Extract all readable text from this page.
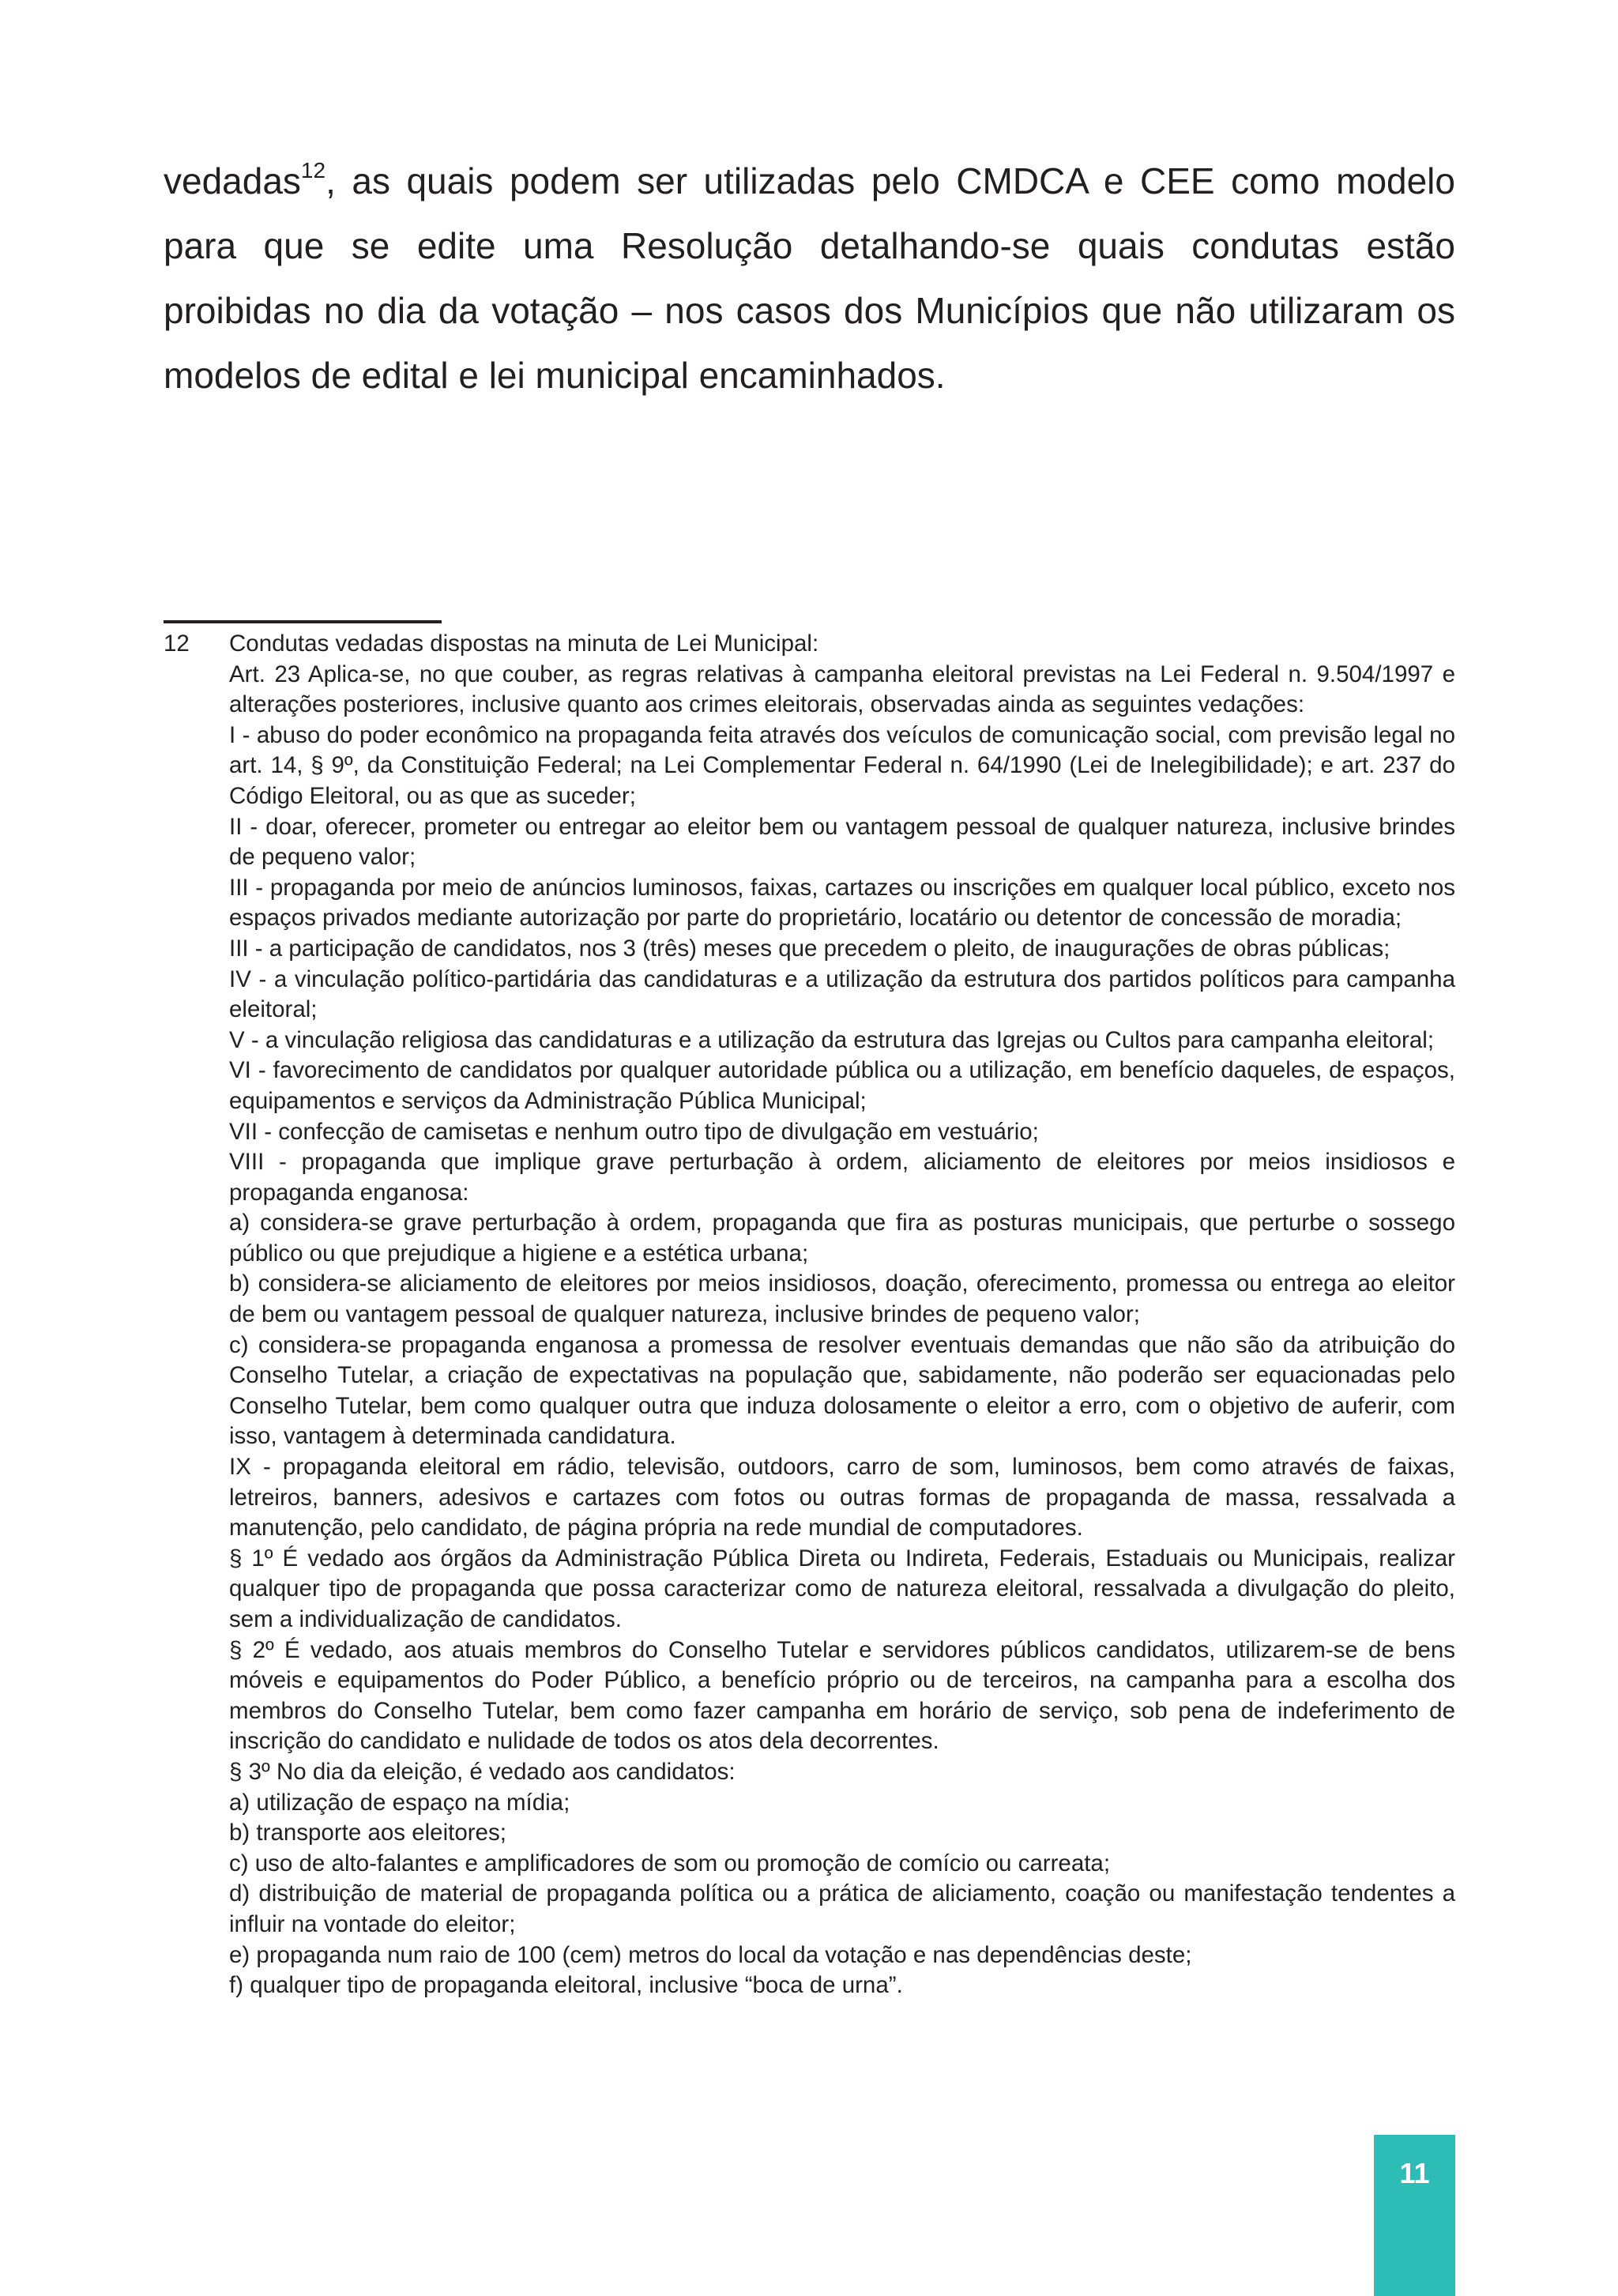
vedadas$^{12}$, as quais podem ser utilizadas pelo CMDCA e CEE como modelo para que se edite uma Resolução detalhando-se quais condutas estão proibidas no dia da votação – nos casos dos Municípios que não utilizaram os modelos de edital e lei municipal encaminhados.

12 Condutas vedadas dispostas na minuta de Lei Municipal:

Art. 23 Aplica-se, no que couber, as regras relativas à campanha eleitoral previstas na Lei Federal n. 9.504/1997 e alterações posteriores, inclusive quanto aos crimes eleitorais, observadas ainda as seguintes vedações:

I - abuso do poder econômico na propaganda feita através dos veículos de comunicação social, com previsão legal no art. 14, § 9º, da Constituição Federal; na Lei Complementar Federal n. 64/1990 (Lei de Inelegibilidade); e art. 237 do Código Eleitoral, ou as que as suceder;

II - doar, oferecer, prometer ou entregar ao eleitor bem ou vantagem pessoal de qualquer natureza, inclusive brindes de pequeno valor;

III - propaganda por meio de anúncios luminosos, faixas, cartazes ou inscrições em qualquer local público, exceto nos espaços privados mediante autorização por parte do proprietário, locatário ou detentor de concessão de moradia;

III - a participação de candidatos, nos 3 (três) meses que precedem o pleito, de inaugurações de obras públicas;

IV - a vinculação político-partidária das candidaturas e a utilização da estrutura dos partidos políticos para campanha eleitoral;

V - a vinculação religiosa das candidaturas e a utilização da estrutura das Igrejas ou Cultos para campanha eleitoral;

VI - favorecimento de candidatos por qualquer autoridade pública ou a utilização, em benefício daqueles, de espaços, equipamentos e serviços da Administração Pública Municipal;

VII - confecção de camisetas e nenhum outro tipo de divulgação em vestuário;

VIII - propaganda que implique grave perturbação à ordem, aliciamento de eleitores por meios insidiosos e propaganda enganosa:

a) considera-se grave perturbação à ordem, propaganda que fira as posturas municipais, que perturbe o sossego público ou que prejudique a higiene e a estética urbana;

b) considera-se aliciamento de eleitores por meios insidiosos, doação, oferecimento, promessa ou entrega ao eleitor de bem ou vantagem pessoal de qualquer natureza, inclusive brindes de pequeno valor;

c) considera-se propaganda enganosa a promessa de resolver eventuais demandas que não são da atribuição do Conselho Tutelar, a criação de expectativas na população que, sabidamente, não poderão ser equacionadas pelo Conselho Tutelar, bem como qualquer outra que induza dolosamente o eleitor a erro, com o objetivo de auferir, com isso, vantagem à determinada candidatura.

IX - propaganda eleitoral em rádio, televisão, outdoors, carro de som, luminosos, bem como através de faixas, letreiros, banners, adesivos e cartazes com fotos ou outras formas de propaganda de massa, ressalvada a manutenção, pelo candidato, de página própria na rede mundial de computadores.

§ 1º É vedado aos órgãos da Administração Pública Direta ou Indireta, Federais, Estaduais ou Municipais, realizar qualquer tipo de propaganda que possa caracterizar como de natureza eleitoral, ressalvada a divulgação do pleito, sem a individualização de candidatos.

§ 2º É vedado, aos atuais membros do Conselho Tutelar e servidores públicos candidatos, utilizarem-se de bens móveis e equipamentos do Poder Público, a benefício próprio ou de terceiros, na campanha para a escolha dos membros do Conselho Tutelar, bem como fazer campanha em horário de serviço, sob pena de indeferimento de inscrição do candidato e nulidade de todos os atos dela decorrentes.

§ 3º No dia da eleição, é vedado aos candidatos:

a) utilização de espaço na mídia;

b) transporte aos eleitores;

c) uso de alto-falantes e amplificadores de som ou promoção de comício ou carreata;

d) distribuição de material de propaganda política ou a prática de aliciamento, coação ou manifestação tendentes a influir na vontade do eleitor;

e) propaganda num raio de 100 (cem) metros do local da votação e nas dependências deste;

f) qualquer tipo de propaganda eleitoral, inclusive “boca de urna”.

11
